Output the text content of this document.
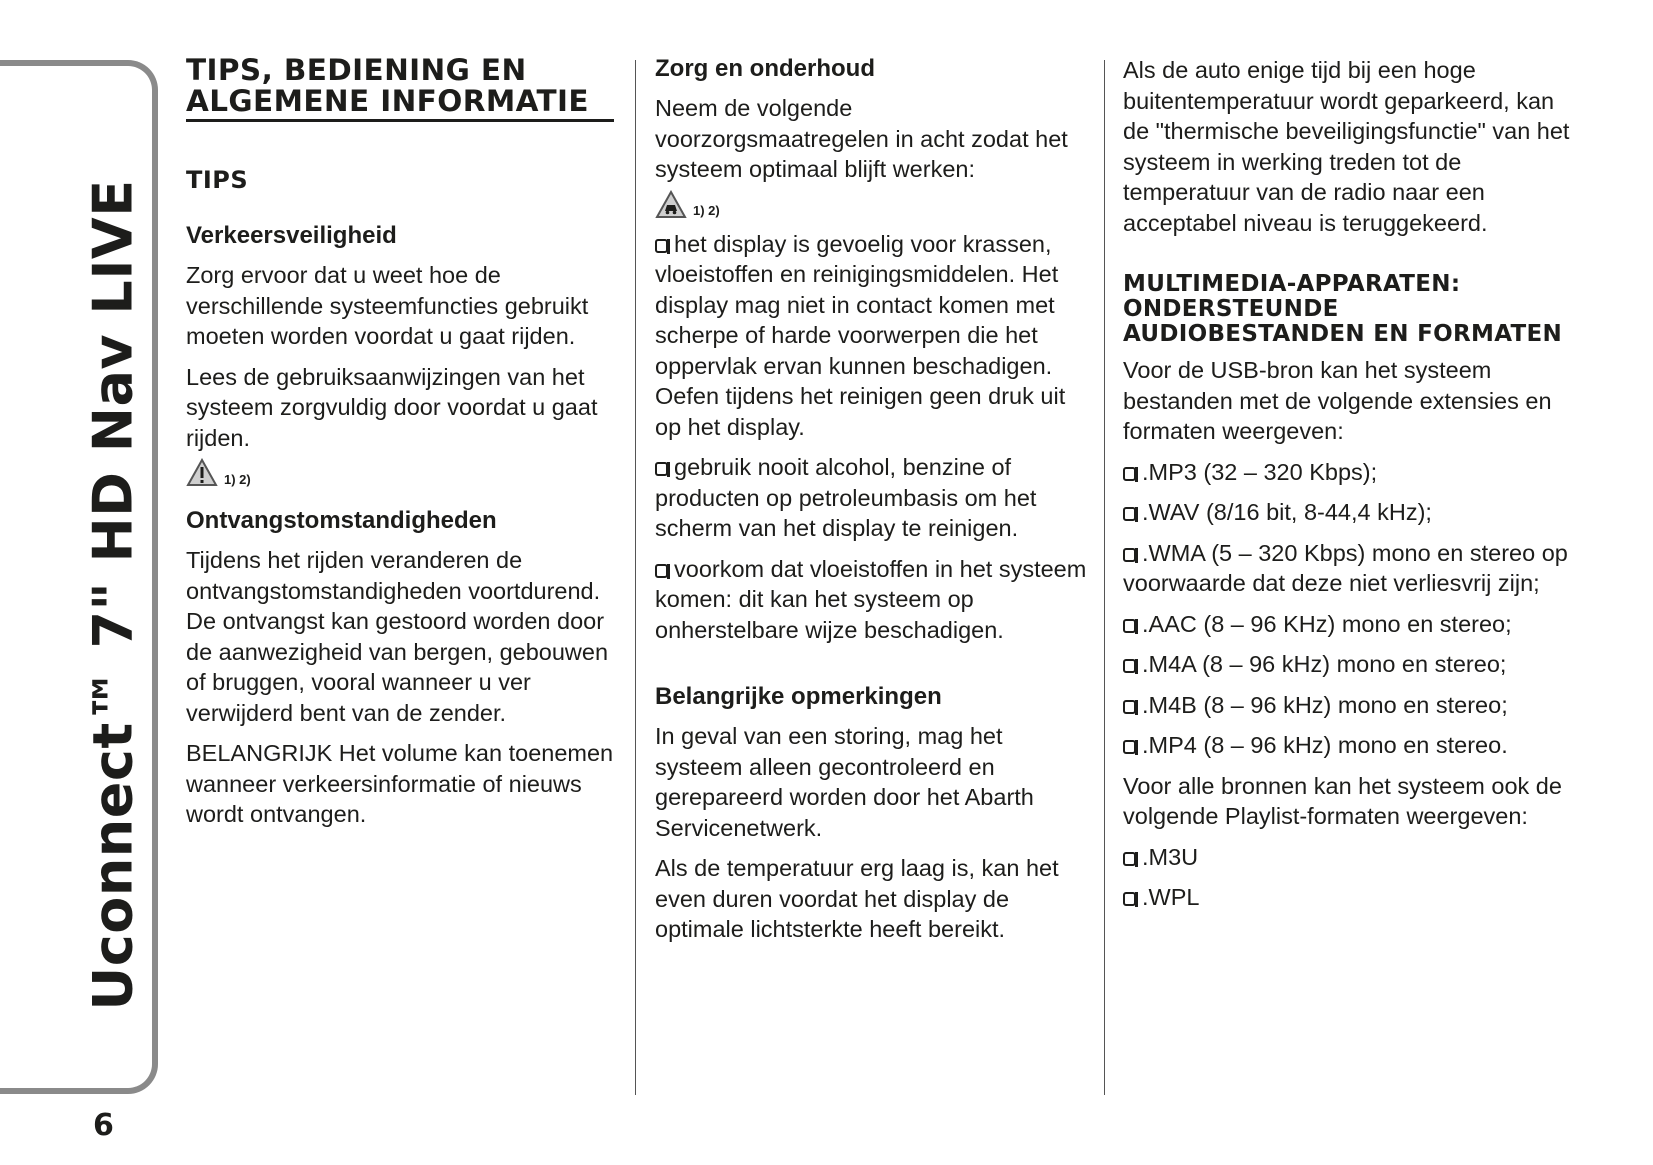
Uconnect™ 7" HD Nav LIVE
6
TIPS, BEDIENING EN ALGEMENE INFORMATIE
TIPS
Verkeersveiligheid

Zorg ervoor dat u weet hoe de verschillende systeemfuncties gebruikt moeten worden voordat u gaat rijden.

Lees de gebruiksaanwijzingen van het systeem zorgvuldig door voordat u gaat rijden.

1) 2)
Ontvangstomstandigheden

Tijdens het rijden veranderen de ontvangstomstandigheden voortdurend. De ontvangst kan gestoord worden door de aanwezigheid van bergen, gebouwen of bruggen, vooral wanneer u ver verwijderd bent van de zender.

BELANGRIJK Het volume kan toenemen wanneer verkeersinformatie of nieuws wordt ontvangen.

Zorg en onderhoud

Neem de volgende voorzorgsmaatregelen in acht zodat het systeem optimaal blijft werken:

1) 2)

het display is gevoelig voor krassen, vloeistoffen en reinigingsmiddelen. Het display mag niet in contact komen met scherpe of harde voorwerpen die het oppervlak ervan kunnen beschadigen. Oefen tijdens het reinigen geen druk uit op het display.

gebruik nooit alcohol, benzine of producten op petroleumbasis om het scherm van het display te reinigen.

voorkom dat vloeistoffen in het systeem komen: dit kan het systeem op onherstelbare wijze beschadigen.

Belangrijke opmerkingen

In geval van een storing, mag het systeem alleen gecontroleerd en gerepareerd worden door het Abarth Servicenetwerk.

Als de temperatuur erg laag is, kan het even duren voordat het display de optimale lichtsterkte heeft bereikt.

Als de auto enige tijd bij een hoge buitentemperatuur wordt geparkeerd, kan de "thermische beveiligingsfunctie" van het systeem in werking treden tot de temperatuur van de radio naar een acceptabel niveau is teruggekeerd.

MULTIMEDIA-APPARATEN: ONDERSTEUNDE AUDIOBESTANDEN EN FORMATEN

Voor de USB-bron kan het systeem bestanden met de volgende extensies en formaten weergeven:

.MP3 (32 – 320 Kbps);

.WAV (8/16 bit, 8-44,4 kHz);

.WMA (5 – 320 Kbps) mono en stereo op voorwaarde dat deze niet verliesvrij zijn;

.AAC (8 – 96 KHz) mono en stereo;

.M4A (8 – 96 kHz) mono en stereo;

.M4B (8 – 96 kHz) mono en stereo;

.MP4 (8 – 96 kHz) mono en stereo.

Voor alle bronnen kan het systeem ook de volgende Playlist-formaten weergeven:

.M3U

.WPL
